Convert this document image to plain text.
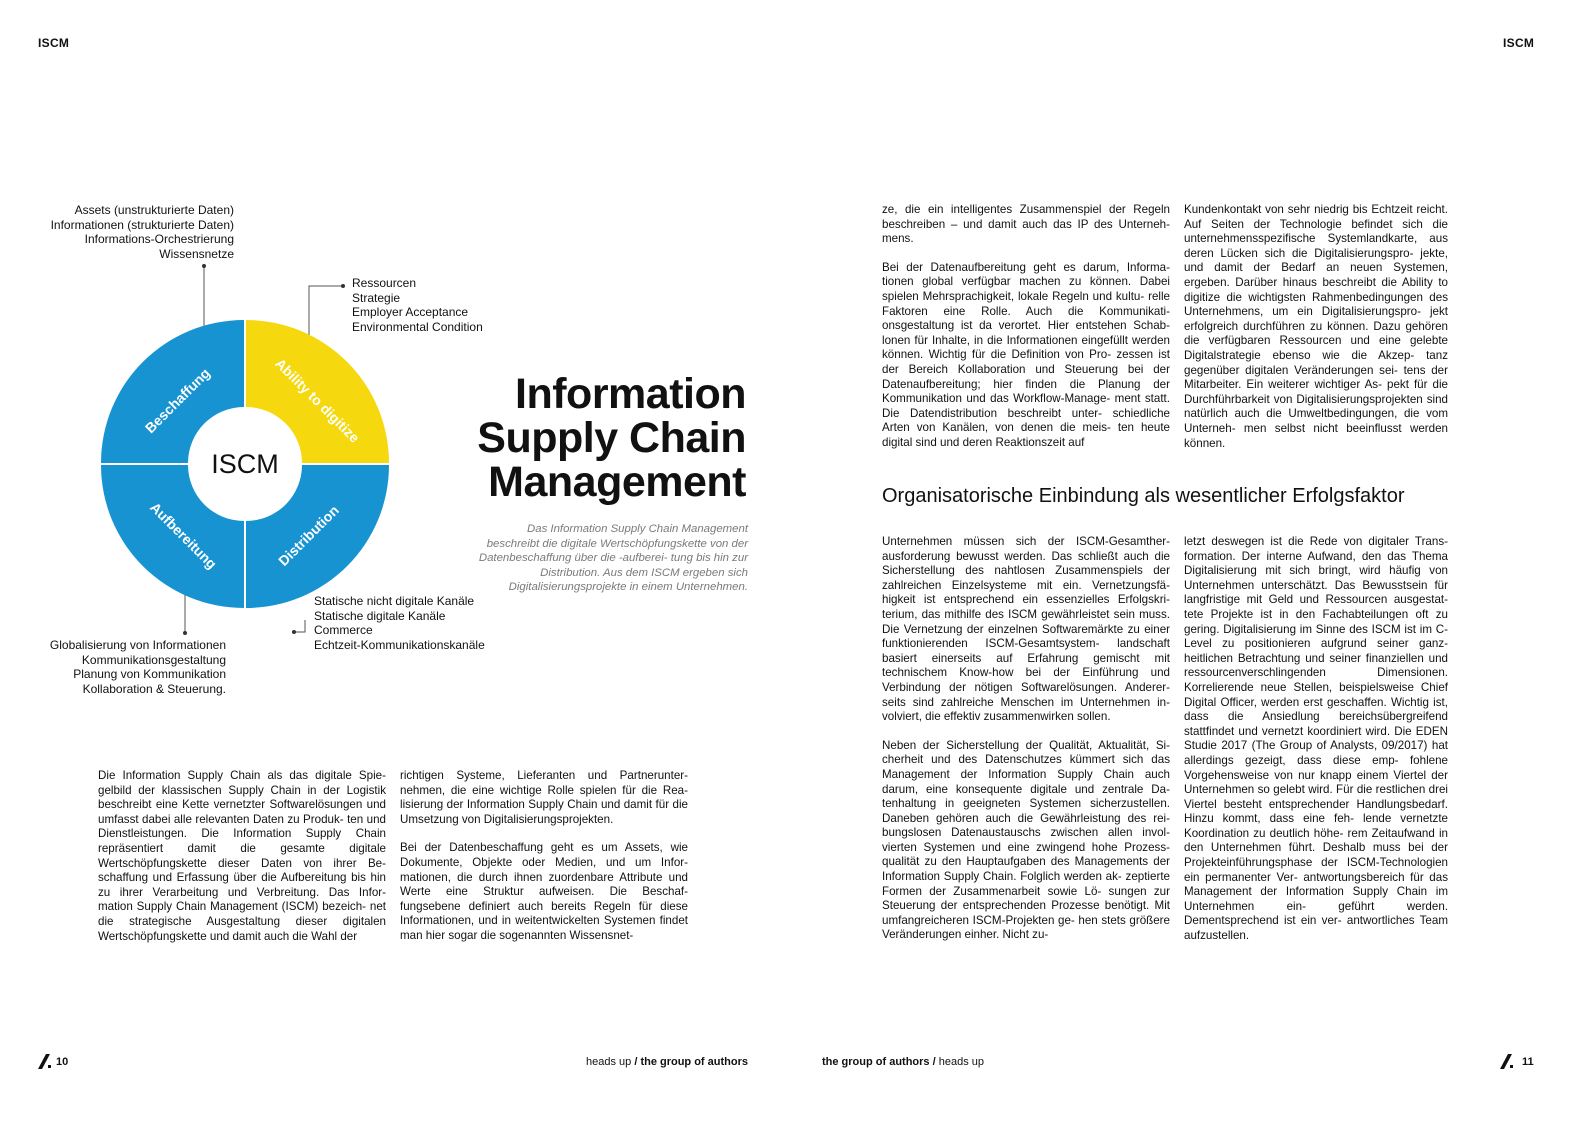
ISCM	ISCM
Assets (unstrukturierte Daten)
Informationen (strukturierte Daten)
Informations-Orchestrierung
Wissensnetze
Ressourcen
Strategie
Employer Acceptance
Environmental Condition
Statische nicht digitale Kanäle
Statische digitale Kanäle
Commerce
Echtzeit-Kommunikationskanäle
Globalisierung von Informationen
Kommunikationsgestaltung
Planung von Kommunikation
Kollaboration & Steuerung.
ISCM
Beschaffung	Ability to digitize
Distribution
Aufbereitung
Information
Supply Chain
Management
Das Information Supply Chain Management beschreibt die digitale Wertschöpfungskette von der Datenbeschaffung über die -aufberei- tung bis hin zur Distribution. Aus dem ISCM ergeben sich Digitalisierungsprojekte in einem Unternehmen.

Die Information Supply Chain als das digitale Spie- gelbild der klassischen Supply Chain in der Logistik beschreibt eine Kette vernetzter Softwarelösungen und umfasst dabei alle relevanten Daten zu Produk- ten und Dienstleistungen. Die Information Supply Chain repräsentiert damit die gesamte digitale Wertschöpfungskette dieser Daten von ihrer Be- schaffung und Erfassung über die Aufbereitung bis hin zu ihrer Verarbeitung und Verbreitung. Das Infor- mation Supply Chain Management (ISCM) bezeich- net die strategische Ausgestaltung dieser digitalen Wertschöpfungskette und damit auch die Wahl der

richtigen Systeme, Lieferanten und Partnerunter- nehmen, die eine wichtige Rolle spielen für die Rea- lisierung der Information Supply Chain und damit für die Umsetzung von Digitalisierungsprojekten.

Bei der Datenbeschaffung geht es um Assets, wie Dokumente, Objekte oder Medien, und um Infor- mationen, die durch ihnen zuordenbare Attribute und Werte eine Struktur aufweisen. Die Beschaf- fungsebene definiert auch bereits Regeln für diese Informationen, und in weitentwickelten Systemen findet man hier sogar die sogenannten Wissensnet-

ze, die ein intelligentes Zusammenspiel der Regeln beschreiben – und damit auch das IP des Unterneh- mens.

Bei der Datenaufbereitung geht es darum, Informa- tionen global verfügbar machen zu können. Dabei spielen Mehrsprachigkeit, lokale Regeln und kultu- relle Faktoren eine Rolle. Auch die Kommunikati- onsgestaltung ist da verortet. Hier entstehen Schab- lonen für Inhalte, in die Informationen eingefüllt werden können. Wichtig für die Definition von Pro- zessen ist der Bereich Kollaboration und Steuerung bei der Datenaufbereitung; hier finden die Planung der Kommunikation und das Workflow-Manage- ment statt. Die Datendistribution beschreibt unter- schiedliche Arten von Kanälen, von denen die meis- ten heute digital sind und deren Reaktionszeit auf

Kundenkontakt von sehr niedrig bis Echtzeit reicht. Auf Seiten der Technologie befindet sich die unternehmensspezifische Systemlandkarte, aus deren Lücken sich die Digitalisierungspro- jekte, und damit der Bedarf an neuen Systemen, ergeben. Darüber hinaus beschreibt die Ability to digitize die wichtigsten Rahmenbedingungen des Unternehmens, um ein Digitalisierungspro- jekt erfolgreich durchführen zu können. Dazu gehören die verfügbaren Ressourcen und eine gelebte Digitalstrategie ebenso wie die Akzep- tanz gegenüber digitalen Veränderungen sei- tens der Mitarbeiter. Ein weiterer wichtiger As- pekt für die Durchführbarkeit von Digitalisierungsprojekten sind natürlich auch die Umweltbedingungen, die vom Unterneh- men selbst nicht beeinflusst werden können.

Organisatorische Einbindung als wesentlicher Erfolgsfaktor

Unternehmen müssen sich der ISCM-Gesamther- ausforderung bewusst werden. Das schließt auch die Sicherstellung des nahtlosen Zusammenspiels der zahlreichen Einzelsysteme mit ein. Vernetzungsfä- higkeit ist entsprechend ein essenzielles Erfolgskri- terium, das mithilfe des ISCM gewährleistet sein muss. Die Vernetzung der einzelnen Softwaremärkte zu einer funktionierenden ISCM-Gesamtsystem- landschaft basiert einerseits auf Erfahrung gemischt mit technischem Know-how bei der Einführung und Verbindung der nötigen Softwarelösungen. Anderer- seits sind zahlreiche Menschen im Unternehmen in- volviert, die effektiv zusammenwirken sollen.

Neben der Sicherstellung der Qualität, Aktualität, Si- cherheit und des Datenschutzes kümmert sich das Management der Information Supply Chain auch darum, eine konsequente digitale und zentrale Da- tenhaltung in geeigneten Systemen sicherzustellen. Daneben gehören auch die Gewährleistung des rei- bungslosen Datenaustauschs zwischen allen invol- vierten Systemen und eine zwingend hohe Prozess- qualität zu den Hauptaufgaben des Managements der Information Supply Chain. Folglich werden ak- zeptierte Formen der Zusammenarbeit sowie Lö- sungen zur Steuerung der entsprechenden Prozesse benötigt. Mit umfangreicheren ISCM-Projekten ge- hen stets größere Veränderungen einher. Nicht zu-

letzt deswegen ist die Rede von digitaler Trans- formation. Der interne Aufwand, den das Thema Digitalisierung mit sich bringt, wird häufig von Unternehmen unterschätzt. Das Bewusstsein für langfristige mit Geld und Ressourcen ausgestat- tete Projekte ist in den Fachabteilungen oft zu gering. Digitalisierung im Sinne des ISCM ist im C-Level zu positionieren aufgrund seiner ganz- heitlichen Betrachtung und seiner finanziellen und ressourcenverschlingenden Dimensionen. Korrelierende neue Stellen, beispielsweise Chief Digital Officer, werden erst geschaffen. Wichtig ist, dass die Ansiedlung bereichsübergreifend stattfindet und vernetzt koordiniert wird. Die EDEN Studie 2017 (The Group of Analysts, 09/2017) hat allerdings gezeigt, dass diese emp- fohlene Vorgehensweise von nur knapp einem Viertel der Unternehmen so gelebt wird. Für die restlichen drei Viertel besteht entsprechender Handlungsbedarf. Hinzu kommt, dass eine feh- lende vernetzte Koordination zu deutlich höhe- rem Zeitaufwand in den Unternehmen führt. Deshalb muss bei der Projekteinführungsphase der ISCM-Technologien ein permanenter Ver- antwortungsbereich für das Management der Information Supply Chain im Unternehmen ein- geführt werden. Dementsprechend ist ein ver- antwortliches Team aufzustellen.

10	heads up / the group of authors	the group of authors / heads up	11
